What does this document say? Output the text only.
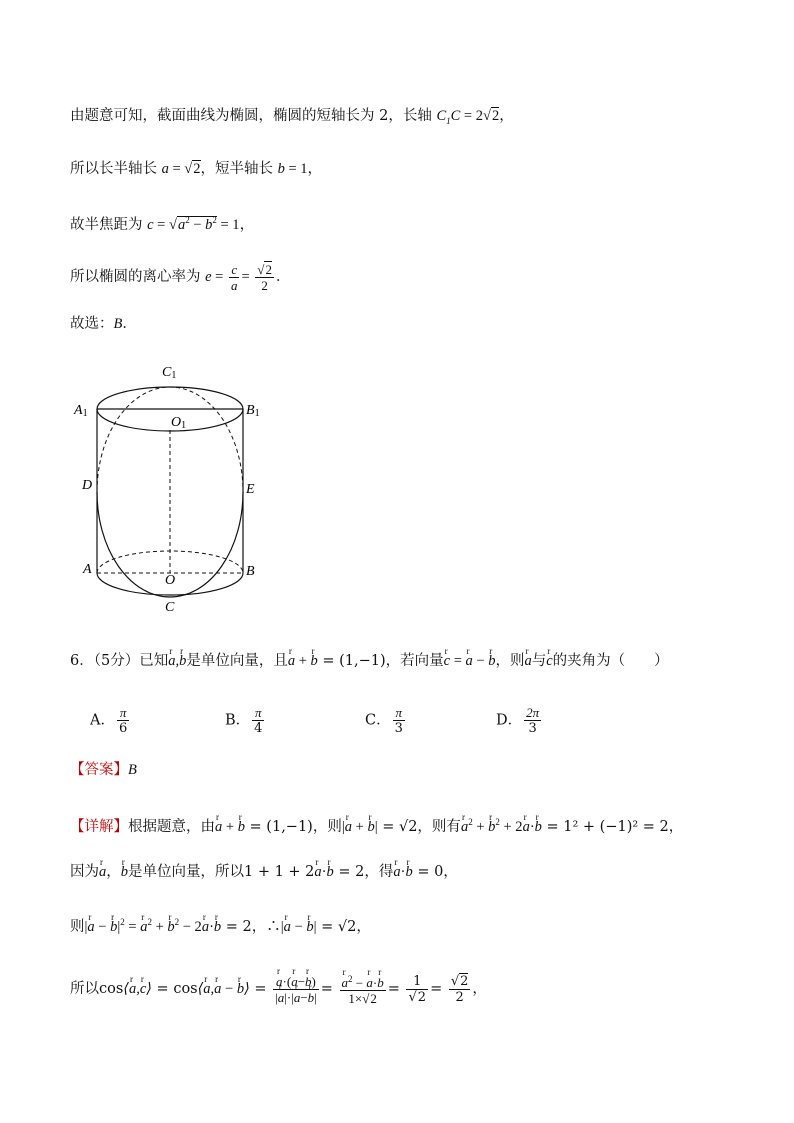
由题意可知，截面曲线为椭圆，椭圆的短轴长为 2，长轴 $C_1C = 2√2$，
所以长半轴长 a = √2，短半轴长 b = 1，
故半焦距为 $c = √a^2 - b^2 = 1$，
所以椭圆的离心率为 $e = \frac{c}{a} = \frac{√2}{2}$ ．
故选：B．
C1
A1	B1
O1
D	E
A	B
O
C
6．（5分）已知r a,r b是单位向量，且r a + r b = (1,−1)，若向量r c = r a − r b，则r a与r c的夹角为（　　）
A． $\frac{\pi}{6}$	B． $\frac{\pi}{4}$	C． $\frac{\pi}{3}$	D． $\frac{2\pi}{3}$
【答案】B
【详解】根据题意，由r a + r b = (1,−1)，则|r a + r b| = √2，则有r $a^2 + r$ $b^2 + 2r$ a·r b = 1² + (−1)² = 2，
因为r a，r b是单位向量，所以1 + 1 + 2r a·r b = 2，得r a·r b = 0，
则|r a − r $b|^2 = r$ $a^2 + r$ $b^2 - 2r$ a·r b = 2，∴|r a − r b| = √2，
所以cos⟨r a,r c⟩ = cos⟨r a,r a − r b⟩ =
r $\frac{\text{a·(r a−r b)}}{\text{|r a|·|r a−r b|}}$ =
r $\frac{a^2 - r a\cdot r b}{1\times√2} = \frac{1}{√2} = \frac{√2}{2}$ ，
